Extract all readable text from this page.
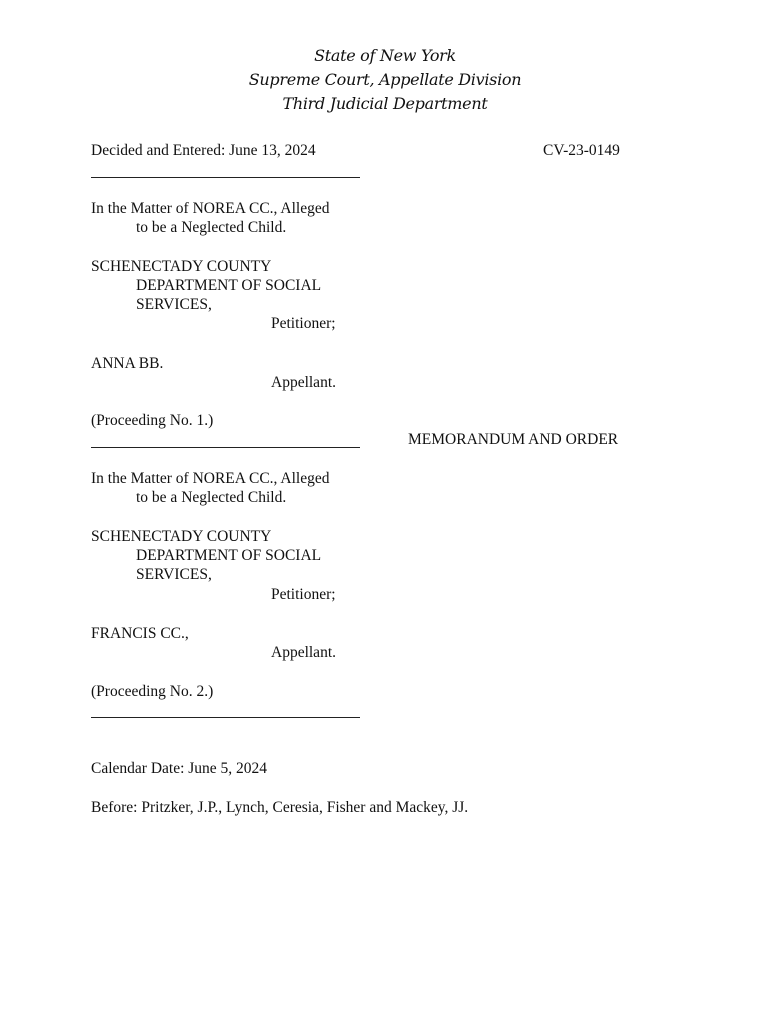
State of New York
Supreme Court, Appellate Division
Third Judicial Department
Decided and Entered: June 13, 2024	CV-23-0149
In the Matter of NOREA CC., Alleged
to be a Neglected Child.
SCHENECTADY COUNTY
DEPARTMENT OF SOCIAL
SERVICES,
Petitioner;
ANNA BB.
Appellant.
(Proceeding No. 1.)
MEMORANDUM AND ORDER
In the Matter of NOREA CC., Alleged
to be a Neglected Child.
SCHENECTADY COUNTY
DEPARTMENT OF SOCIAL
SERVICES,
Petitioner;
FRANCIS CC.,
Appellant.
(Proceeding No. 2.)
Calendar Date: June 5, 2024
Before: Pritzker, J.P., Lynch, Ceresia, Fisher and Mackey, JJ.
